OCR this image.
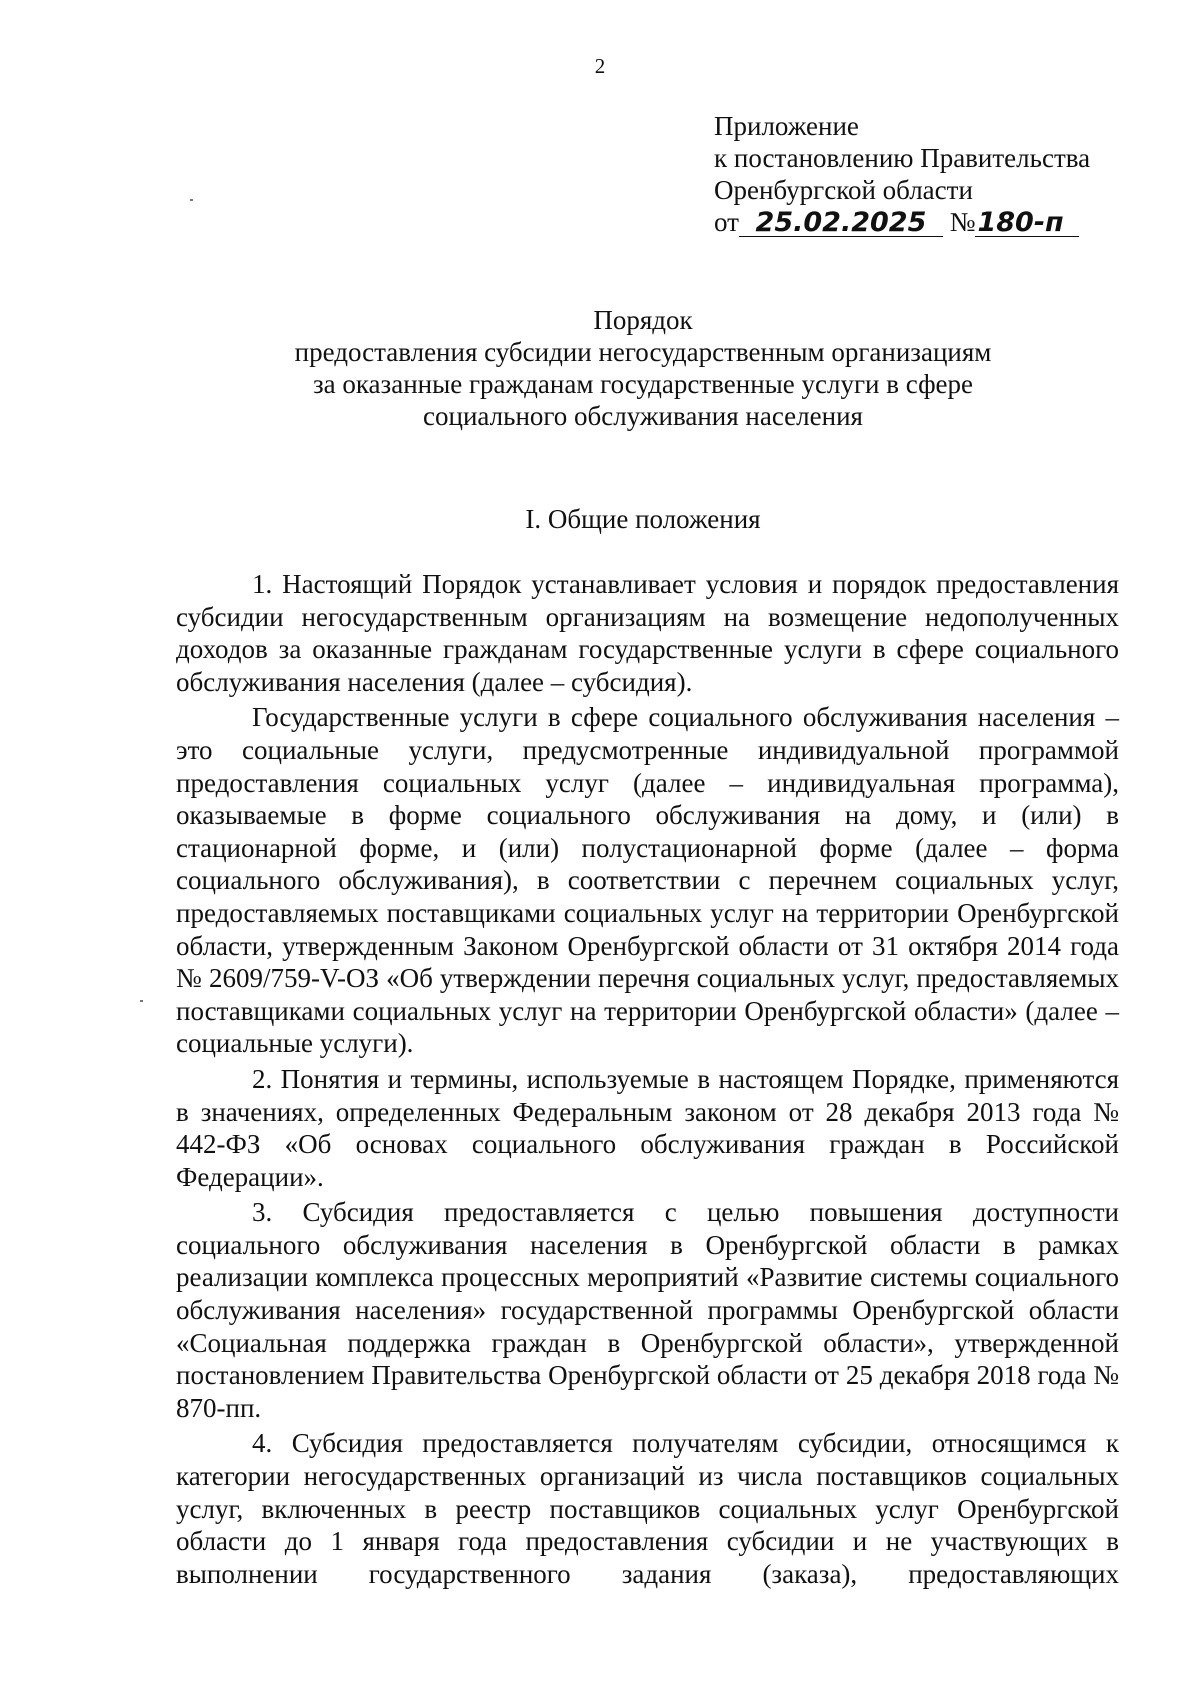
2
Приложение
к постановлению Правительства
Оренбургской области
от 25.02.2025 №180-п
Порядок
предоставления субсидии негосударственным организациям
за оказанные гражданам государственные услуги в сфере
социального обслуживания населения
I. Общие положения

1. Настоящий Порядок устанавливает условия и порядок предоставления субсидии негосударственным организациям на возмещение недополученных доходов за оказанные гражданам государственные услуги в сфере социального обслуживания населения (далее – субсидия).

Государственные услуги в сфере социального обслуживания населения – это социальные услуги, предусмотренные индивидуальной программой предоставления социальных услуг (далее – индивидуальная программа), оказываемые в форме социального обслуживания на дому, и (или) в стационарной форме, и (или) полустационарной форме (далее – форма социального обслуживания), в соответствии с перечнем социальных услуг, предоставляемых поставщиками социальных услуг на территории Оренбургской области, утвержденным Законом Оренбургской области от 31 октября 2014 года № 2609/759-V-ОЗ «Об утверждении перечня социальных услуг, предоставляемых поставщиками социальных услуг на территории Оренбургской области» (далее – социальные услуги).

2. Понятия и термины, используемые в настоящем Порядке, применяются в значениях, определенных Федеральным законом от 28 декабря 2013 года № 442-ФЗ «Об основах социального обслуживания граждан в Российской Федерации».

3. Субсидия предоставляется с целью повышения доступности социального обслуживания населения в Оренбургской области в рамках реализации комплекса процессных мероприятий «Развитие системы социального обслуживания населения» государственной программы Оренбургской области «Социальная поддержка граждан в Оренбургской области», утвержденной постановлением Правительства Оренбургской области от 25 декабря 2018 года № 870-пп.

4. Субсидия предоставляется получателям субсидии, относящимся к категории негосударственных организаций из числа поставщиков социальных услуг, включенных в реестр поставщиков социальных услуг Оренбургской области до 1 января года предоставления субсидии и не участвующих в выполнении государственного задания (заказа), предоставляющих
